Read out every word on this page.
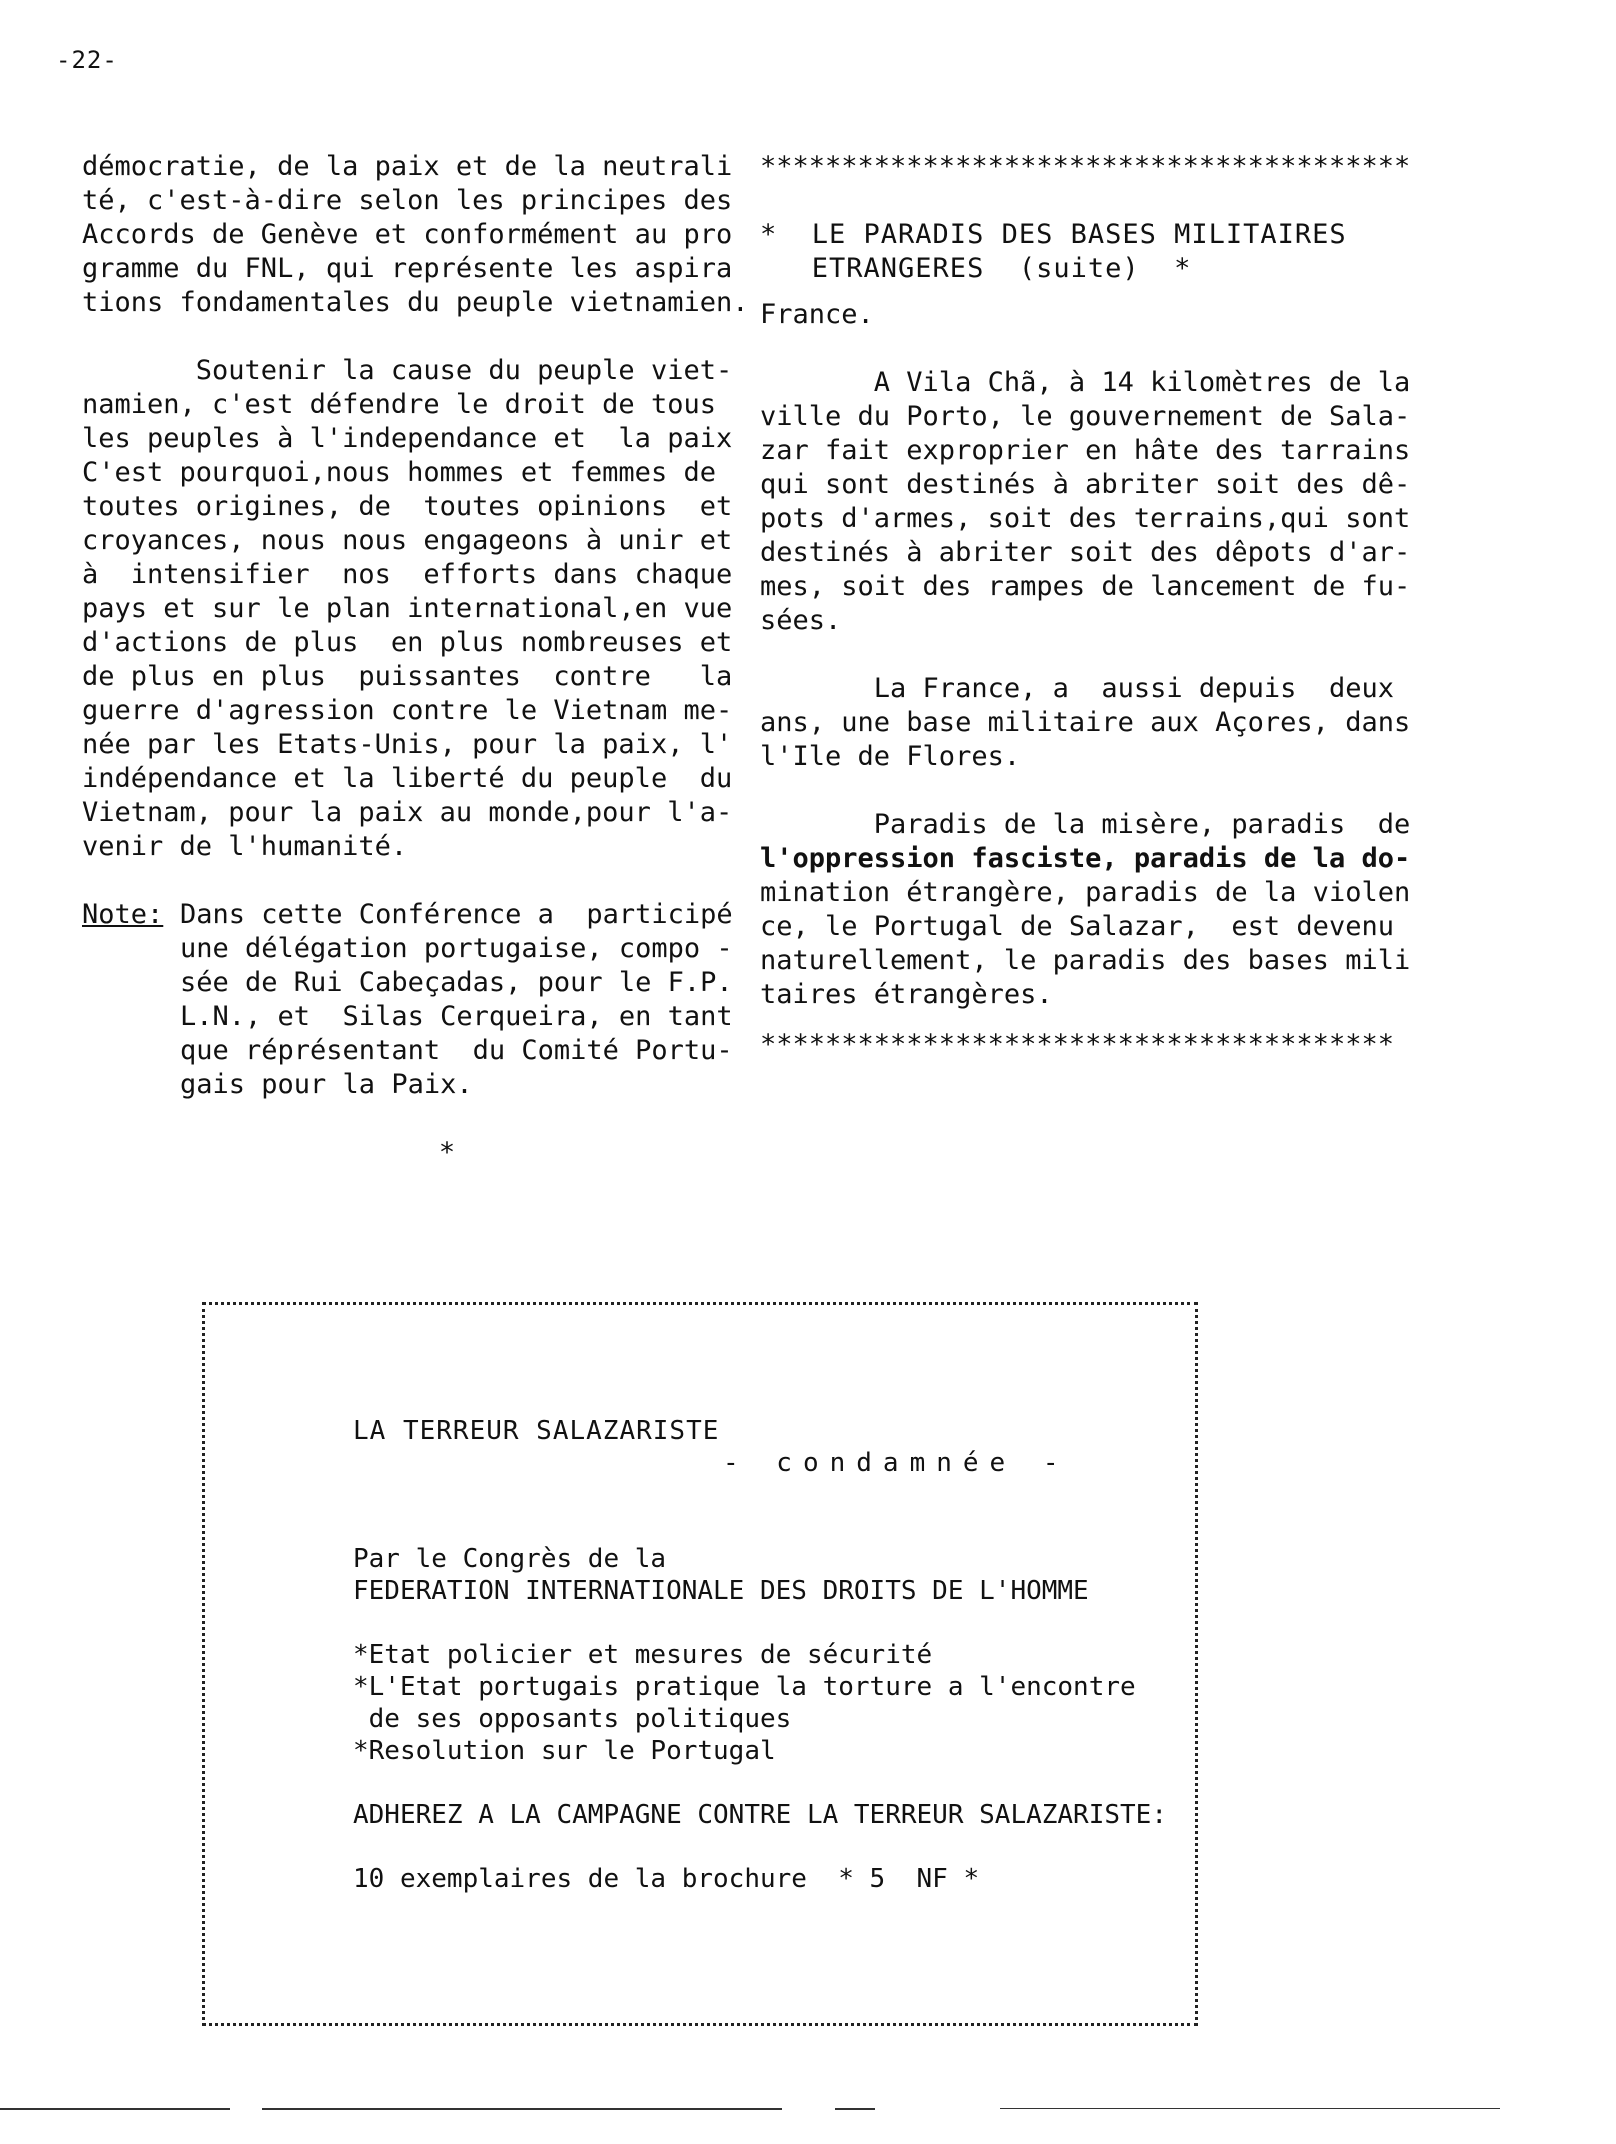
-22-

démocratie, de la paix et de la neutrali

té, c'est-à-dire selon les principes des

Accords de Genève et conformément au pro

gramme du FNL, qui représente les aspira

tions fondamentales du peuple vietnamien.

Soutenir la cause du peuple viet-

namien, c'est défendre le droit de tous

les peuples à l'independance et  la paix

C'est pourquoi,nous hommes et femmes de

toutes origines, de  toutes opinions  et

croyances, nous nous engageons à unir et

à  intensifier  nos  efforts dans chaque

pays et sur le plan international,en vue

d'actions de plus  en plus nombreuses et

de plus en plus  puissantes  contre   la

guerre d'agression contre le Vietnam me-

née par les Etats-Unis, pour la paix, l'

indépendance et la liberté du peuple  du

Vietnam, pour la paix au monde,pour l'a-

venir de l'humanité.

Note: Dans cette Conférence a  participé

une délégation portugaise, compo -

sée de Rui Cabeçadas, pour le F.P.

L.N., et  Silas Cerqueira, en tant

que réprésentant  du Comité Portu-

gais pour la Paix.

*

****************************************

*  LE PARADIS DES BASES MILITAIRES

ETRANGERES  (suite)  *

France.

A Vila Chã, à 14 kilomètres de la

ville du Porto, le gouvernement de Sala-

zar fait exproprier en hâte des tarrains

qui sont destinés à abriter soit des dê-

pots d'armes, soit des terrains,qui sont

destinés à abriter soit des dêpots d'ar-

mes, soit des rampes de lancement de fu-

sées.

La France, a  aussi depuis  deux

ans, une base militaire aux Açores, dans

l'Ile de Flores.

Paradis de la misère, paradis  de

l'oppression fasciste, paradis de la do-

mination étrangère, paradis de la violen

ce, le Portugal de Salazar,  est devenu

naturellement, le paradis des bases mili

taires étrangères.

***************************************

LA TERREUR SALAZARISTE

- condamnée -

Par le Congrès de la

FEDERATION INTERNATIONALE DES DROITS DE L'HOMME

*Etat policier et mesures de sécurité

*L'Etat portugais pratique la torture a l'encontre

de ses opposants politiques

*Resolution sur le Portugal

ADHEREZ A LA CAMPAGNE CONTRE LA TERREUR SALAZARISTE:

10 exemplaires de la brochure  * 5  NF *
